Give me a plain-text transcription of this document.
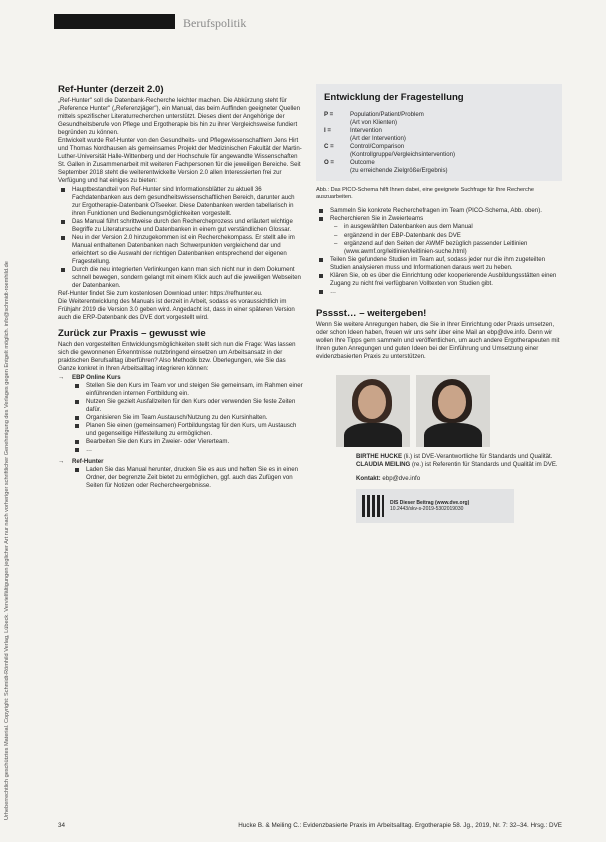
Berufspolitik
Urheberrechtlich geschütztes Material. Copyright: Schmidt-Römhild Verlag, Lübeck. Vervielfältigungen jeglicher Art nur nach vorheriger schriftlicher Genehmigung des Verlages gegen Entgelt möglich. info@schmidt-roemhild.de
Ref-Hunter (derzeit 2.0)

„Ref-Hunter" soll die Datenbank-Recherche leichter machen. Die Abkürzung steht für „Reference Hunter" („Referenzjäger"), ein Manual, das beim Auffinden geeigneter Quellen mittels spezifischer Literaturrecherchen unterstützt. Dieses dient der Angehörige der Gesundheitsberufe von Pflege und Ergotherapie bis hin zu ihrer Vergleichsweise fundiert begründen zu können.

Entwickelt wurde Ref-Hunter von den Gesundheits- und Pflegewissenschaftlern Jens Hirt und Thomas Nordhausen als gemeinsames Projekt der Medizinischen Fakultät der Martin-Luther-Universität Halle-Wittenberg und der Hochschule für angewandte Wissenschaften St. Gallen in Zusammenarbeit mit weiteren Fachpersonen für die jeweiligen Bereiche. Seit September 2018 steht die weiterentwickelte Version 2.0 allen Interessierten frei zur Verfügung und hat einiges zu bieten:

Hauptbestandteil von Ref-Hunter sind Informationsblätter zu aktuell 36 Fachdatenbanken aus dem gesundheitswissenschaftlichen Bereich, darunter auch zur Ergotherapie-Datenbank OTseeker. Diese Datenbanken werden tabellarisch in ihren Funktionen und Bedienungsmöglichkeiten vorgestellt.
Das Manual führt schrittweise durch den Rechercheprozess und erläutert wichtige Begriffe zu Literatursuche und Datenbanken in einem gut verständlichen Glossar.
Neu in der Version 2.0 hinzugekommen ist ein Recherchekompass. Er stellt alle im Manual enthaltenen Datenbanken nach Schwerpunkten vergleichend dar und erleichtert so die Auswahl der richtigen Datenbanken entsprechend der eigenen Fragestellung.
Durch die neu integrierten Verlinkungen kann man sich nicht nur in dem Dokument schnell bewegen, sondern gelangt mit einem Klick auch auf die jeweiligen Webseiten der Datenbanken.

Ref-Hunter findet Sie zum kostenlosen Download unter: https://refhunter.eu.

Die Weiterentwicklung des Manuals ist derzeit in Arbeit, sodass es voraussichtlich im Frühjahr 2019 die Version 3.0 geben wird. Angedacht ist, dass in einer späteren Version auch die ERP-Datenbank des DVE dort vorgestellt wird.

Zurück zur Praxis – gewusst wie

Nach den vorgestellten Entwicklungsmöglichkeiten stellt sich nun die Frage: Was lassen sich die gewonnenen Erkenntnisse nutzbringend einsetzen um Arbeitsansatz in der praktischen Berufsalltag überführen? Also Methodik bzw. Überlegungen, wie Sie das Ganze konkret in Ihren Arbeitsalltag integrieren können:

→ EBP Online Kurs
Stellen Sie den Kurs im Team vor und steigen Sie gemeinsam, im Rahmen einer einführenden internen Fortbildung ein.
Nutzen Sie gezielt Ausfallzeiten für den Kurs oder verwenden Sie feste Zeiten dafür.
Organisieren Sie im Team Austausch/Nutzung zu den Kursinhalten.
Planen Sie einen (gemeinsamen) Fortbildungstag für den Kurs, um Austausch und gegenseitige Hilfestellung zu ermöglichen.
Bearbeiten Sie den Kurs im Zweier- oder Viererteam.
…
→ Ref-Hunter
Laden Sie das Manual herunter, drucken Sie es aus und heften Sie es in einen Ordner, der begrenzte Zeit bietet zu ermöglichen, ggf. auch das Zufügen von Seiten für Notizen oder Rechercheergebnisse.
Entwicklung der Fragestellung
P =	Population/Patient/Problem
(Art von Klienten)
I =	Intervention
(Art der Intervention)
C =	Control/Comparison
(Kontrollgruppe/Vergleichsintervention)
O =	Outcome
(zu erreichende Zielgröße/Ergebnis)

Abb.: Das PICO-Schema hilft Ihnen dabei, eine geeignete Suchfrage für Ihre Recherche auszuarbeiten.

Sammeln Sie konkrete Recherchefragen im Team (PICO-Schema, Abb. oben).
Recherchieren Sie in Zweierteams
– in ausgewählten Datenbanken aus dem Manual
– ergänzend in der EBP-Datenbank des DVE
– ergänzend auf den Seiten der AWMF bezüglich passender Leitlinien (www.awmf.org/leitlinien/leitlinien-suche.html)
Teilen Sie gefundene Studien im Team auf, sodass jeder nur die ihm zugeteilten Studien analysieren muss und Informationen daraus wert zu heben.
Klären Sie, ob es über die Einrichtung oder kooperierende Ausbildungsstätten einen Zugang zu nicht frei verfügbaren Volltexten von Studien gibt.
…
Psssst… – weitergeben!

Wenn Sie weitere Anregungen haben, die Sie in Ihrer Einrichtung oder Praxis umsetzen, oder schon Ideen haben, freuen wir uns sehr über eine Mail an ebp@dve.info. Denn wir wollen Ihre Tipps gern sammeln und veröffentlichen, um auch andere Ergotherapeuten mit Ihren guten Anregungen und guten Ideen bei der Einführung und Umsetzung einer evidenzbasierten Praxis zu unterstützen.

BIRTHE HUCKE (li.) ist DVE-Verantwortliche für Standards und Qualität.

CLAUDIA MEILING (re.) ist Referentin für Standards und Qualität im DVE.

Kontakt: ebp@dve.info

DIS Dieser Beitrag (www.dve.org)
10.2443/skv-s-2019-5302019030
34	Hucke B. & Meiling C.: Evidenzbasierte Praxis im Arbeitsalltag. Ergotherapie 58. Jg., 2019, Nr. 7: 32–34. Hrsg.: DVE
